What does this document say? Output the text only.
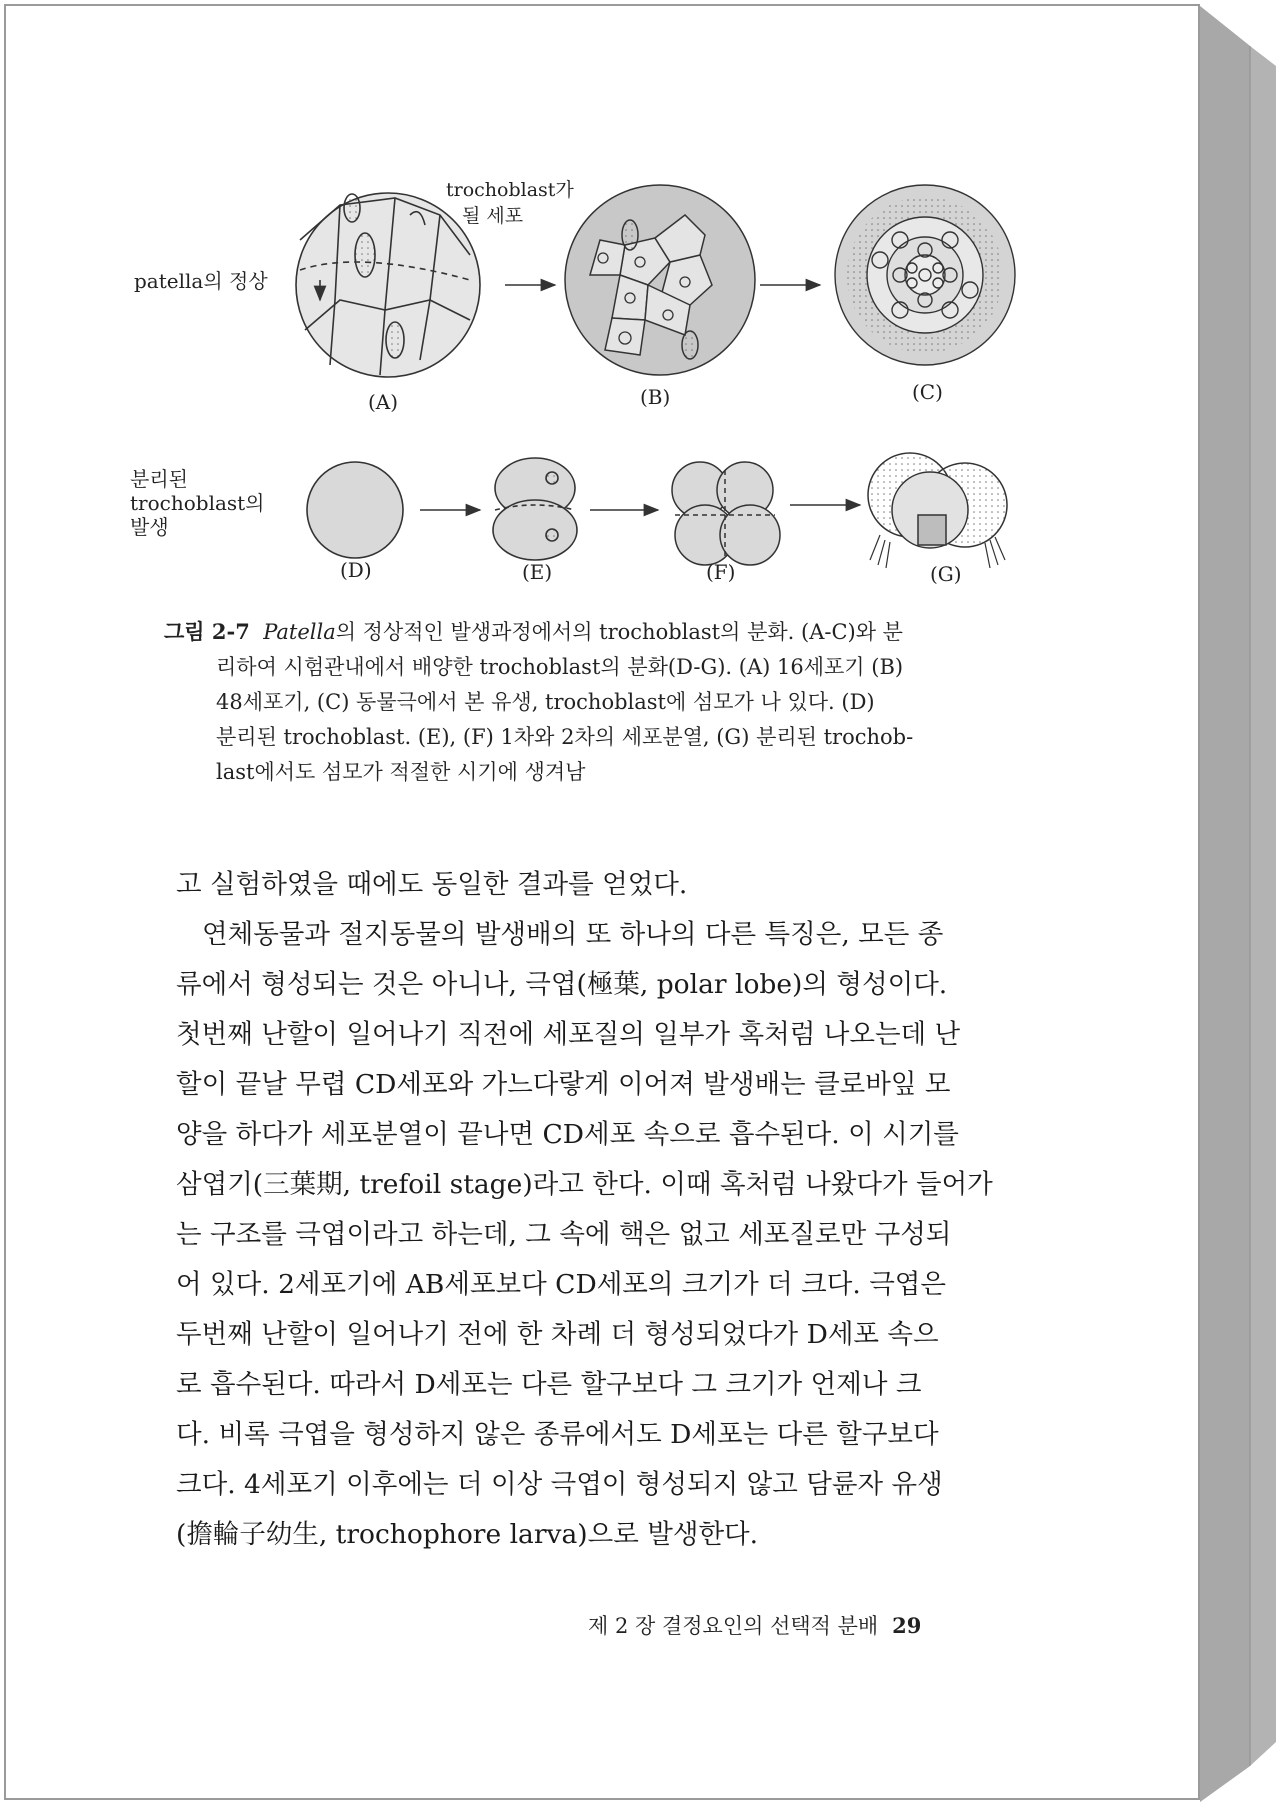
patella의 정상
분리된
trochoblast의
발생
trochoblast가
될 세포
(A)	(B)	(C)
(D)	(E)	(F)	(G)
그림 2-7 Patella의 정상적인 발생과정에서의 trochoblast의 분화. (A-C)와 분
리하여 시험관내에서 배양한 trochoblast의 분화(D-G). (A) 16세포기 (B)
48세포기, (C) 동물극에서 본 유생, trochoblast에 섬모가 나 있다. (D)
분리된 trochoblast. (E), (F) 1차와 2차의 세포분열, (G) 분리된 trochob-
last에서도 섬모가 적절한 시기에 생겨남
고 실험하였을 때에도 동일한 결과를 얻었다.
연체동물과 절지동물의 발생배의 또 하나의 다른 특징은, 모든 종
류에서 형성되는 것은 아니나, 극엽(極葉, polar lobe)의 형성이다.
첫번째 난할이 일어나기 직전에 세포질의 일부가 혹처럼 나오는데 난
할이 끝날 무렵 CD세포와 가느다랗게 이어져 발생배는 클로바잎 모
양을 하다가 세포분열이 끝나면 CD세포 속으로 흡수된다. 이 시기를
삼엽기(三葉期, trefoil stage)라고 한다. 이때 혹처럼 나왔다가 들어가
는 구조를 극엽이라고 하는데, 그 속에 핵은 없고 세포질로만 구성되
어 있다. 2세포기에 AB세포보다 CD세포의 크기가 더 크다. 극엽은
두번째 난할이 일어나기 전에 한 차례 더 형성되었다가 D세포 속으
로 흡수된다. 따라서 D세포는 다른 할구보다 그 크기가 언제나 크
다. 비록 극엽을 형성하지 않은 종류에서도 D세포는 다른 할구보다
크다. 4세포기 이후에는 더 이상 극엽이 형성되지 않고 담륜자 유생
(擔輪子幼生, trochophore larva)으로 발생한다.
제 2 장 결정요인의 선택적 분배 29
